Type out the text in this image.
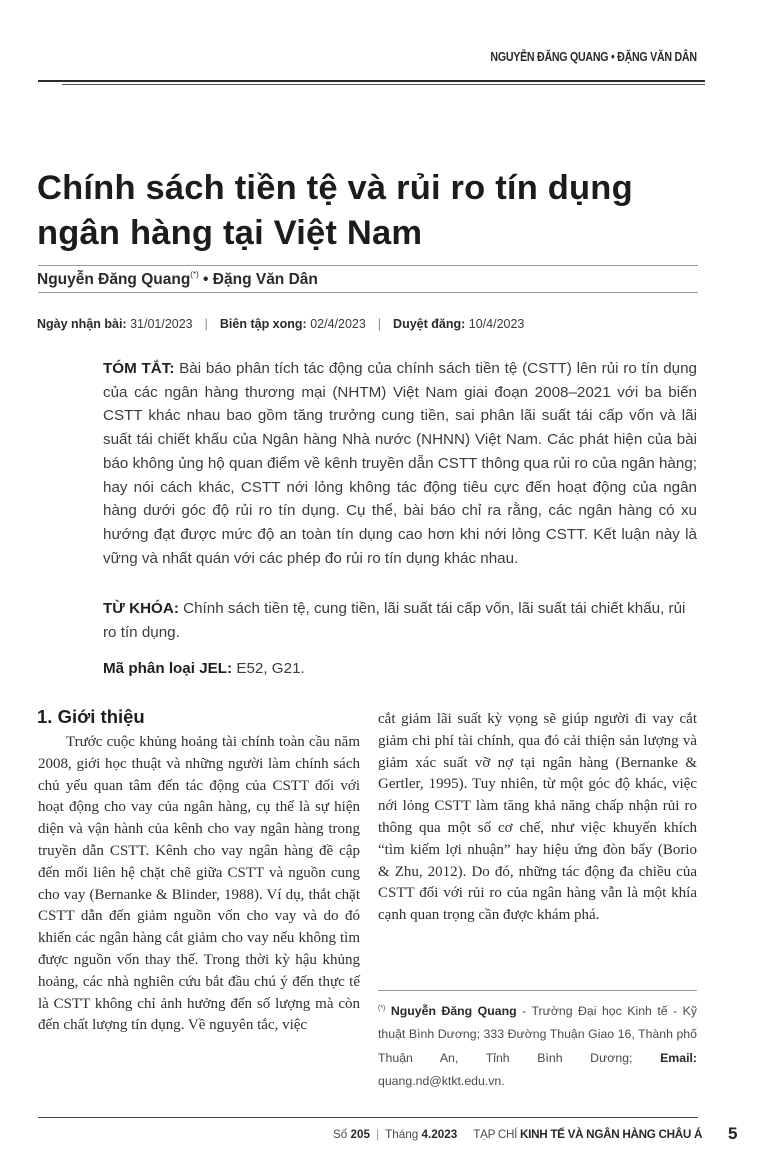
NGUYỄN ĐĂNG QUANG • ĐẶNG VĂN DÂN
Chính sách tiền tệ và rủi ro tín dụng
ngân hàng tại Việt Nam
Nguyễn Đăng Quang(*) • Đặng Văn Dân
Ngày nhận bài: 31/01/2023 | Biên tập xong: 02/4/2023 | Duyệt đăng: 10/4/2023
TÓM TẮT: Bài báo phân tích tác động của chính sách tiền tệ (CSTT) lên rủi ro tín dụng của các ngân hàng thương mại (NHTM) Việt Nam giai đoạn 2008–2021 với ba biến CSTT khác nhau bao gồm tăng trưởng cung tiền, sai phân lãi suất tái cấp vốn và lãi suất tái chiết khấu của Ngân hàng Nhà nước (NHNN) Việt Nam. Các phát hiện của bài báo không ủng hộ quan điểm về kênh truyền dẫn CSTT thông qua rủi ro của ngân hàng; hay nói cách khác, CSTT nới lỏng không tác động tiêu cực đến hoạt động của ngân hàng dưới góc độ rủi ro tín dụng. Cụ thể, bài báo chỉ ra rằng, các ngân hàng có xu hướng đạt được mức độ an toàn tín dụng cao hơn khi nới lỏng CSTT. Kết luận này là vững và nhất quán với các phép đo rủi ro tín dụng khác nhau.
TỪ KHÓA: Chính sách tiền tệ, cung tiền, lãi suất tái cấp vốn, lãi suất tái chiết khấu, rủi ro tín dụng.
Mã phân loại JEL: E52, G21.
1. Giới thiệu
Trước cuộc khủng hoảng tài chính toàn cầu năm 2008, giới học thuật và những người làm chính sách chủ yếu quan tâm đến tác động của CSTT đối với hoạt động cho vay của ngân hàng, cụ thể là sự hiện diện và vận hành của kênh cho vay ngân hàng trong truyền dẫn CSTT. Kênh cho vay ngân hàng đề cập đến mối liên hệ chặt chẽ giữa CSTT và nguồn cung cho vay (Bernanke & Blinder, 1988). Ví dụ, thắt chặt CSTT dẫn đến giảm nguồn vốn cho vay và do đó khiến các ngân hàng cắt giảm cho vay nếu không tìm được nguồn vốn thay thế. Trong thời kỳ hậu khủng hoảng, các nhà nghiên cứu bắt đầu chú ý đến thực tế là CSTT không chỉ ảnh hưởng đến số lượng mà còn đến chất lượng tín dụng. Về nguyên tắc, việc
cắt giảm lãi suất kỳ vọng sẽ giúp người đi vay cắt giảm chi phí tài chính, qua đó cải thiện sản lượng và giảm xác suất vỡ nợ tại ngân hàng (Bernanke & Gertler, 1995). Tuy nhiên, từ một góc độ khác, việc nới lỏng CSTT làm tăng khả năng chấp nhận rủi ro thông qua một số cơ chế, như việc khuyến khích “tìm kiếm lợi nhuận” hay hiệu ứng đòn bẩy (Borio & Zhu, 2012). Do đó, những tác động đa chiều của CSTT đối với rủi ro của ngân hàng vẫn là một khía cạnh quan trọng cần được khám phá.
(*) Nguyễn Đăng Quang - Trường Đại học Kinh tế - Kỹ thuật Bình Dương; 333 Đường Thuận Giao 16, Thành phố Thuận An, Tỉnh Bình Dương; Email: quang.nd@ktkt.edu.vn.
Số 205 | Tháng 4.2023 TẠP CHÍ KINH TẾ VÀ NGÂN HÀNG CHÂU Á 5
